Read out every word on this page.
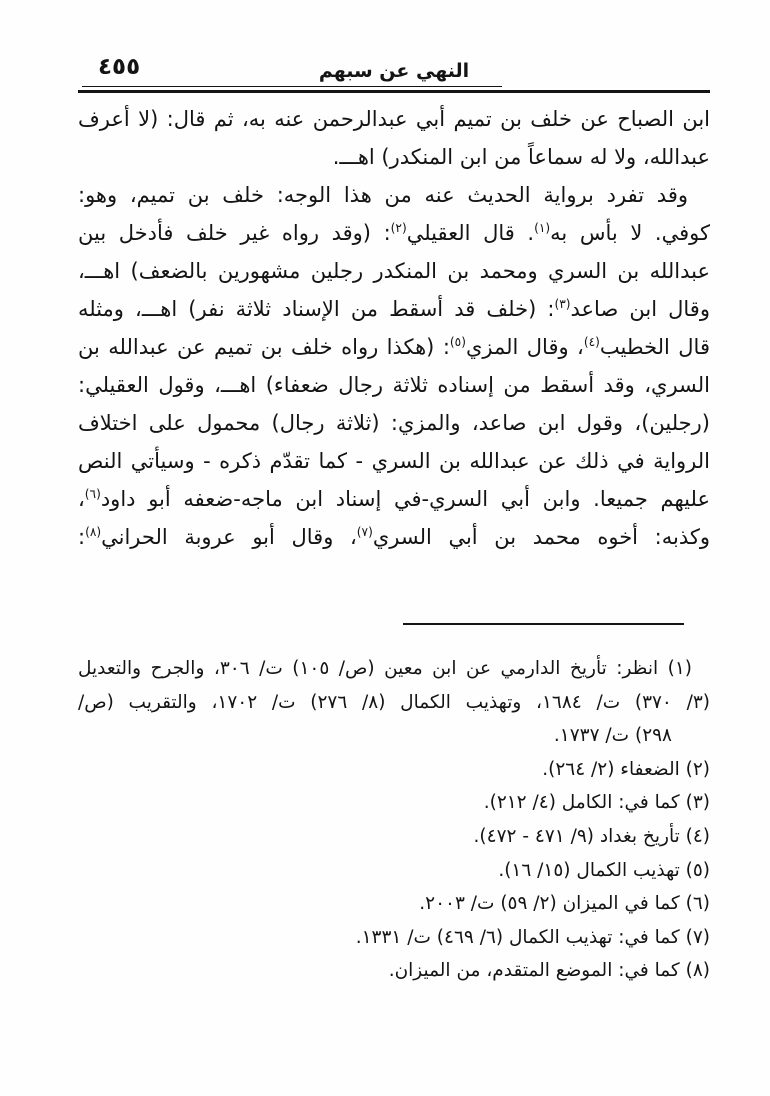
٤٥٥	النهي عن سبهم
ابن الصباح عن خلف بن تميم أبي عبدالرحمن عنه به، ثم قال: (لا أعرف
عبدالله، ولا له سماعاً من ابن المنكدر) اهـــ.
وقد تفرد برواية الحديث عنه من هذا الوجه: خلف بن تميم، وهو:
كوفي. لا بأس به$^{(١)}$. قال العقيلي$^{(٢)}$: (وقد رواه غير خلف فأدخل بين
عبدالله بن السري ومحمد بن المنكدر رجلين مشهورين بالضعف) اهـــ،
وقال ابن صاعد$^{(٣)}$: (خلف قد أسقط من الإسناد ثلاثة نفر) اهـــ، ومثله
قال الخطيب$^{(٤)}$، وقال المزي$^{(٥)}$: (هكذا رواه خلف بن تميم عن عبدالله بن
السري، وقد أسقط من إسناده ثلاثة رجال ضعفاء) اهـــ، وقول العقيلي:
(رجلين)، وقول ابن صاعد، والمزي: (ثلاثة رجال) محمول على اختلاف
الرواية في ذلك عن عبدالله بن السري - كما تقدّم ذكره - وسيأتي النص
عليهم جميعا. وابن أبي السري-في إسناد ابن ماجه-ضعفه أبو داود$^{(٦)}$،
وكذبه: أخوه محمد بن أبي السري$^{(٧)}$، وقال أبو عروبة الحراني$^{(٨)}$:
(١) انظر: تأريخ الدارمي عن ابن معين (ص/ ١٠٥) ت/ ٣٠٦، والجرح والتعديل
(٣/ ٣٧٠) ت/ ١٦٨٤، وتهذيب الكمال (٨/ ٢٧٦) ت/ ١٧٠٢، والتقريب (ص/
٢٩٨) ت/ ١٧٣٧.
(٢) الضعفاء (٢/ ٢٦٤).
(٣) كما في: الكامل (٤/ ٢١٢).
(٤) تأريخ بغداد (٩/ ٤٧١ - ٤٧٢).
(٥) تهذيب الكمال (١٥/ ١٦).
(٦) كما في الميزان (٢/ ٥٩) ت/ ٢٠٠٣.
(٧) كما في: تهذيب الكمال (٦/ ٤٦٩) ت/ ١٣٣١.
(٨) كما في: الموضع المتقدم، من الميزان.
